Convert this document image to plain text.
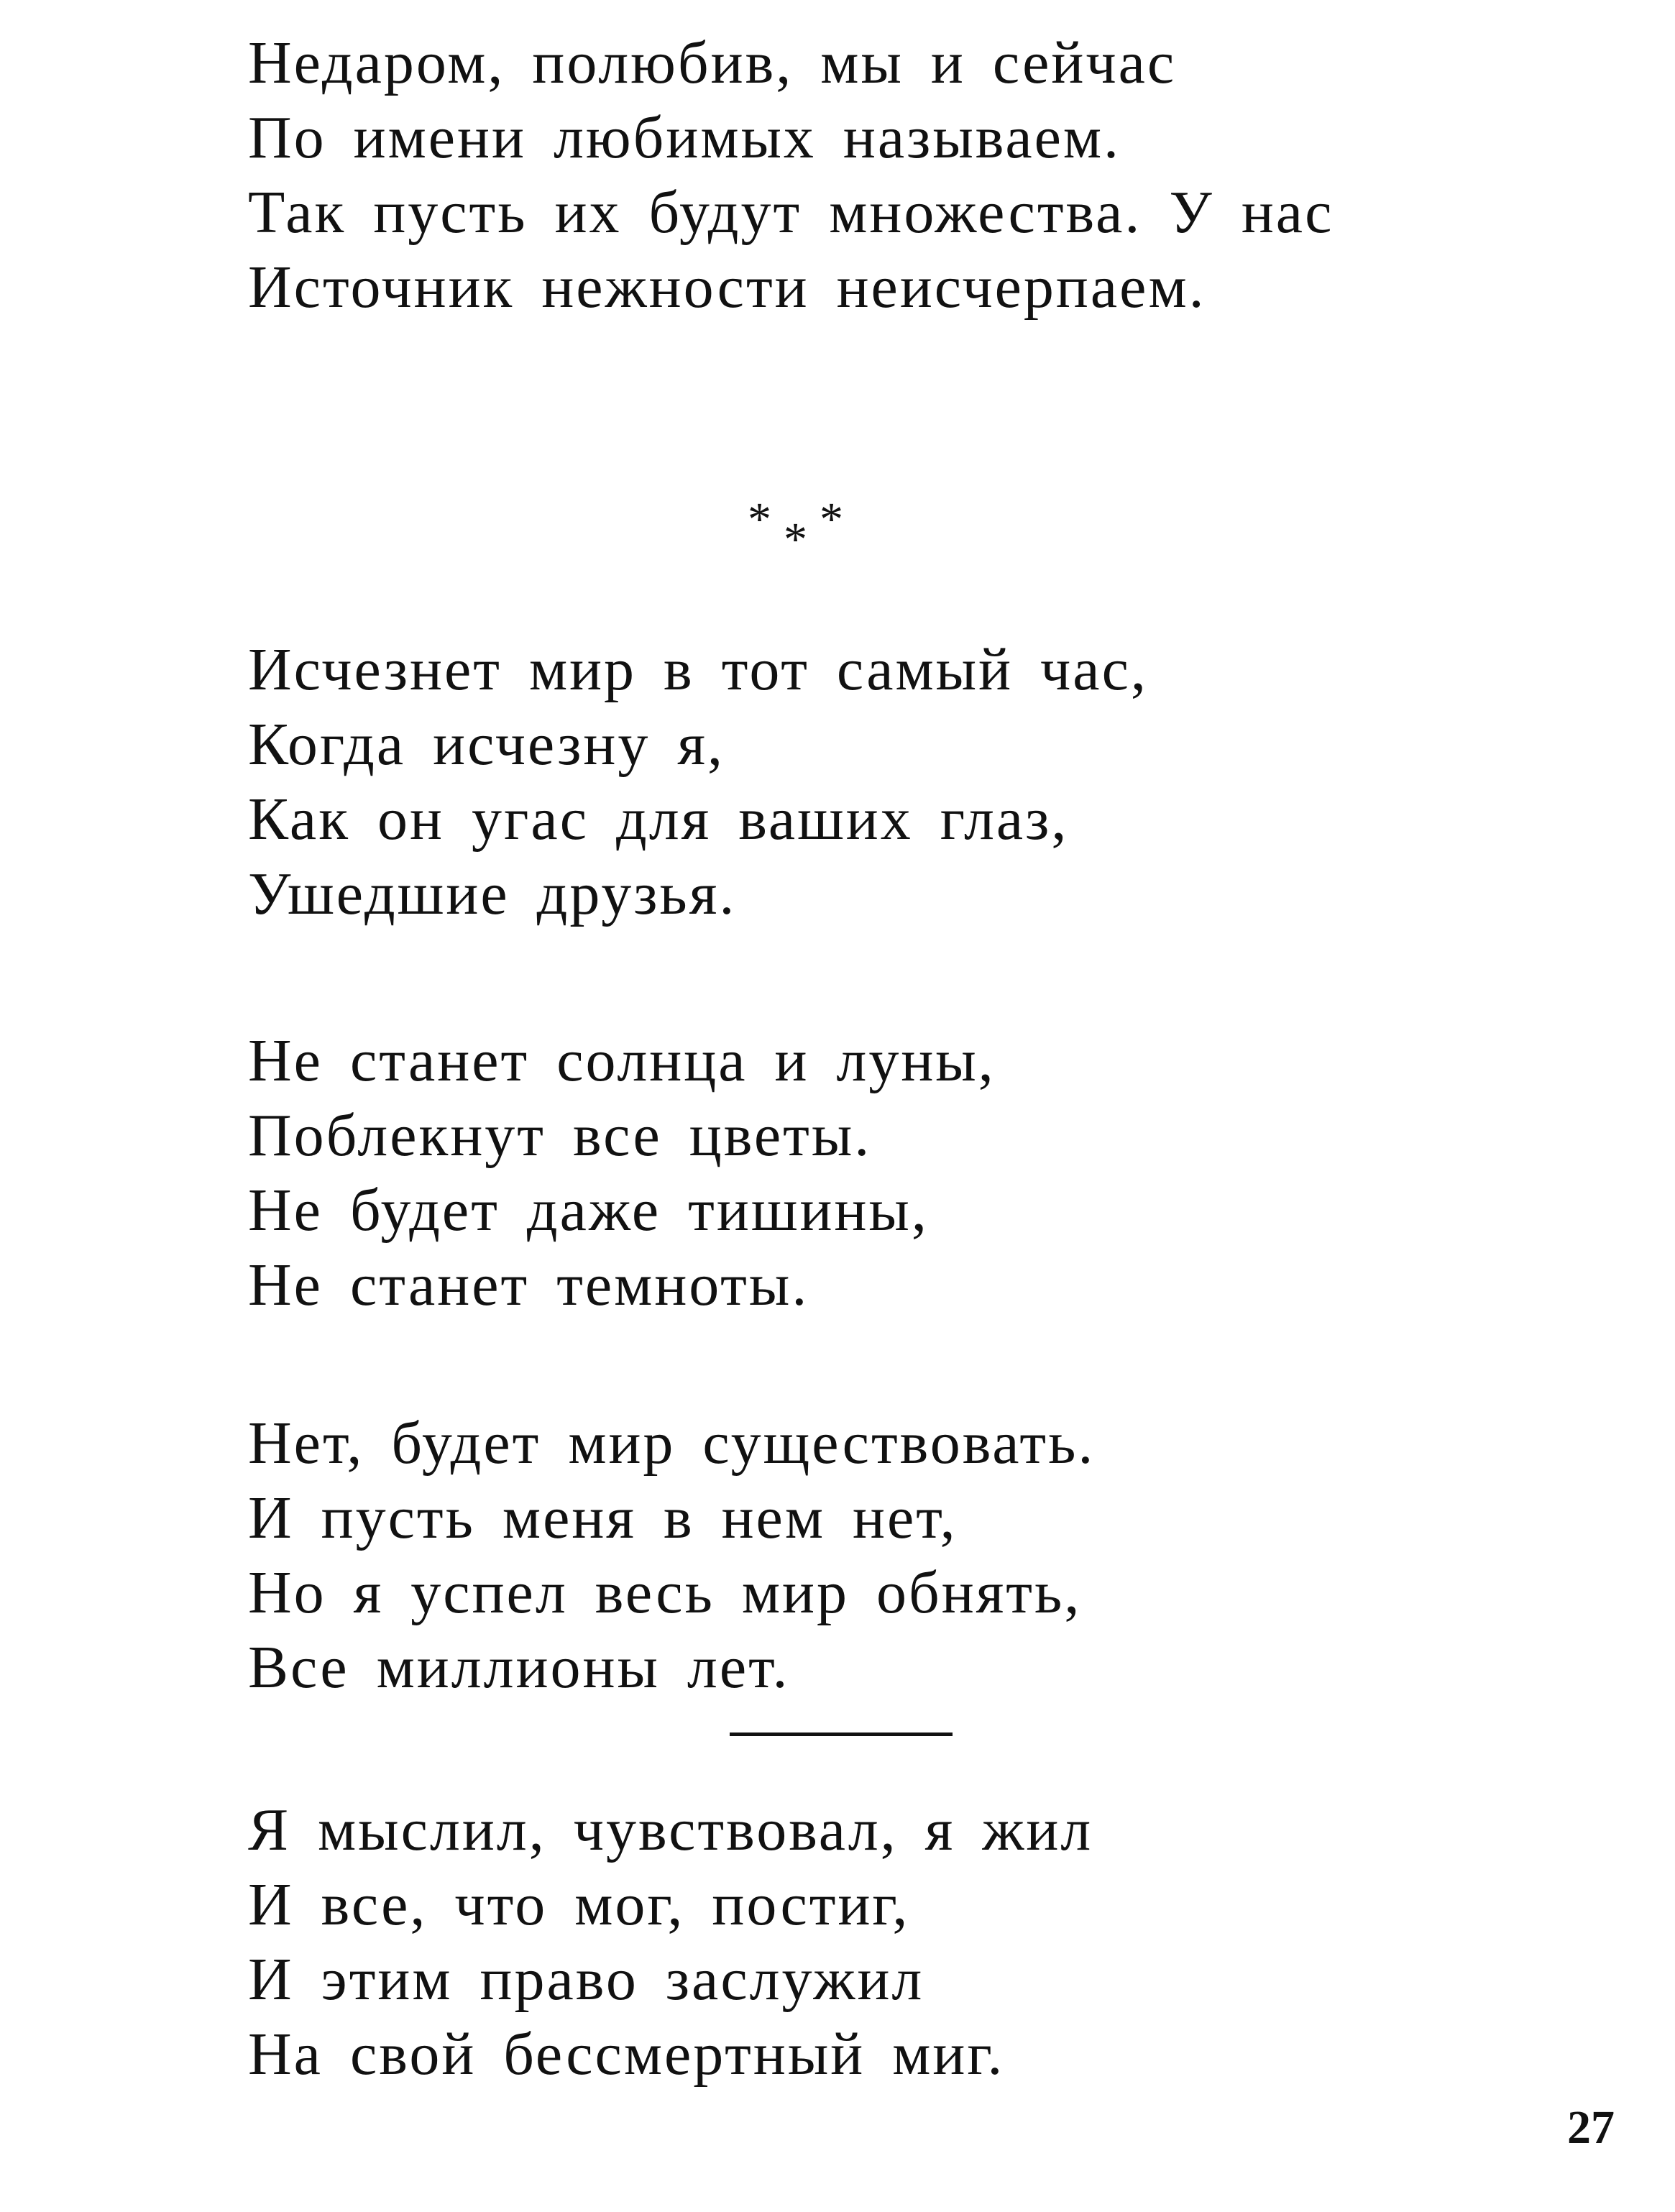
Недаром, полюбив, мы и сейчас
По имени любимых называем.
Так пусть их будут множества. У нас
Источник нежности неисчерпаем.
* * *
Исчезнет мир в тот самый час,
Когда исчезну я,
Как он угас для ваших глаз,
Ушедшие друзья.
Не станет солнца и луны,
Поблекнут все цветы.
Не будет даже тишины,
Не станет темноты.
Нет, будет мир существовать.
И пусть меня в нем нет,
Но я успел весь мир обнять,
Все миллионы лет.
Я мыслил, чувствовал, я жил
И все, что мог, постиг,
И этим право заслужил
На свой бессмертный миг.
27
